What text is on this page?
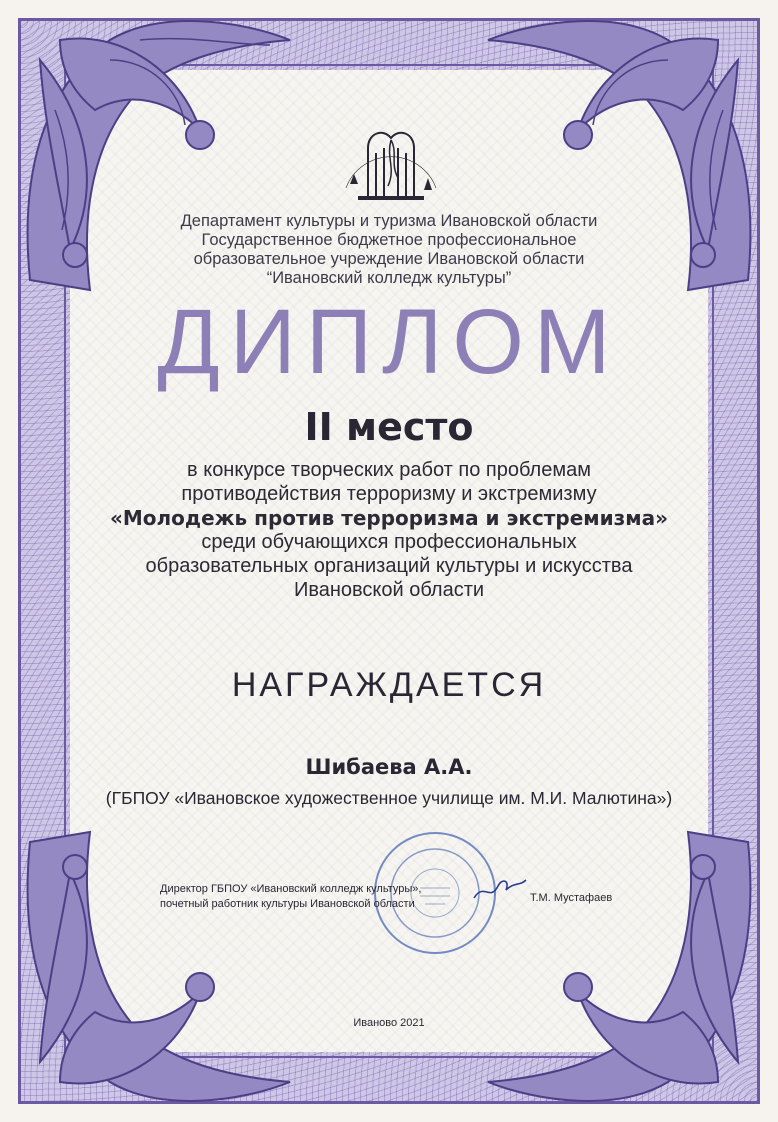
Департамент культуры и туризма Ивановской области
Государственное бюджетное профессиональное
образовательное учреждение Ивановской области
“Ивановский колледж культуры”
ДИПЛОМ
II место
в конкурсе творческих работ по проблемам
противодействия терроризму и экстремизму
«Молодежь против терроризма и экстремизма»
среди обучающихся профессиональных
образовательных организаций культуры и искусства
Ивановской области
НАГРАЖДАЕТСЯ
Шибаева А.А.
(ГБПОУ «Ивановское художественное училище им. М.И. Малютина»)
Директор ГБПОУ «Ивановский колледж культуры»,
почетный работник культуры Ивановской области	Т.М. Мустафаев
Иваново 2021
